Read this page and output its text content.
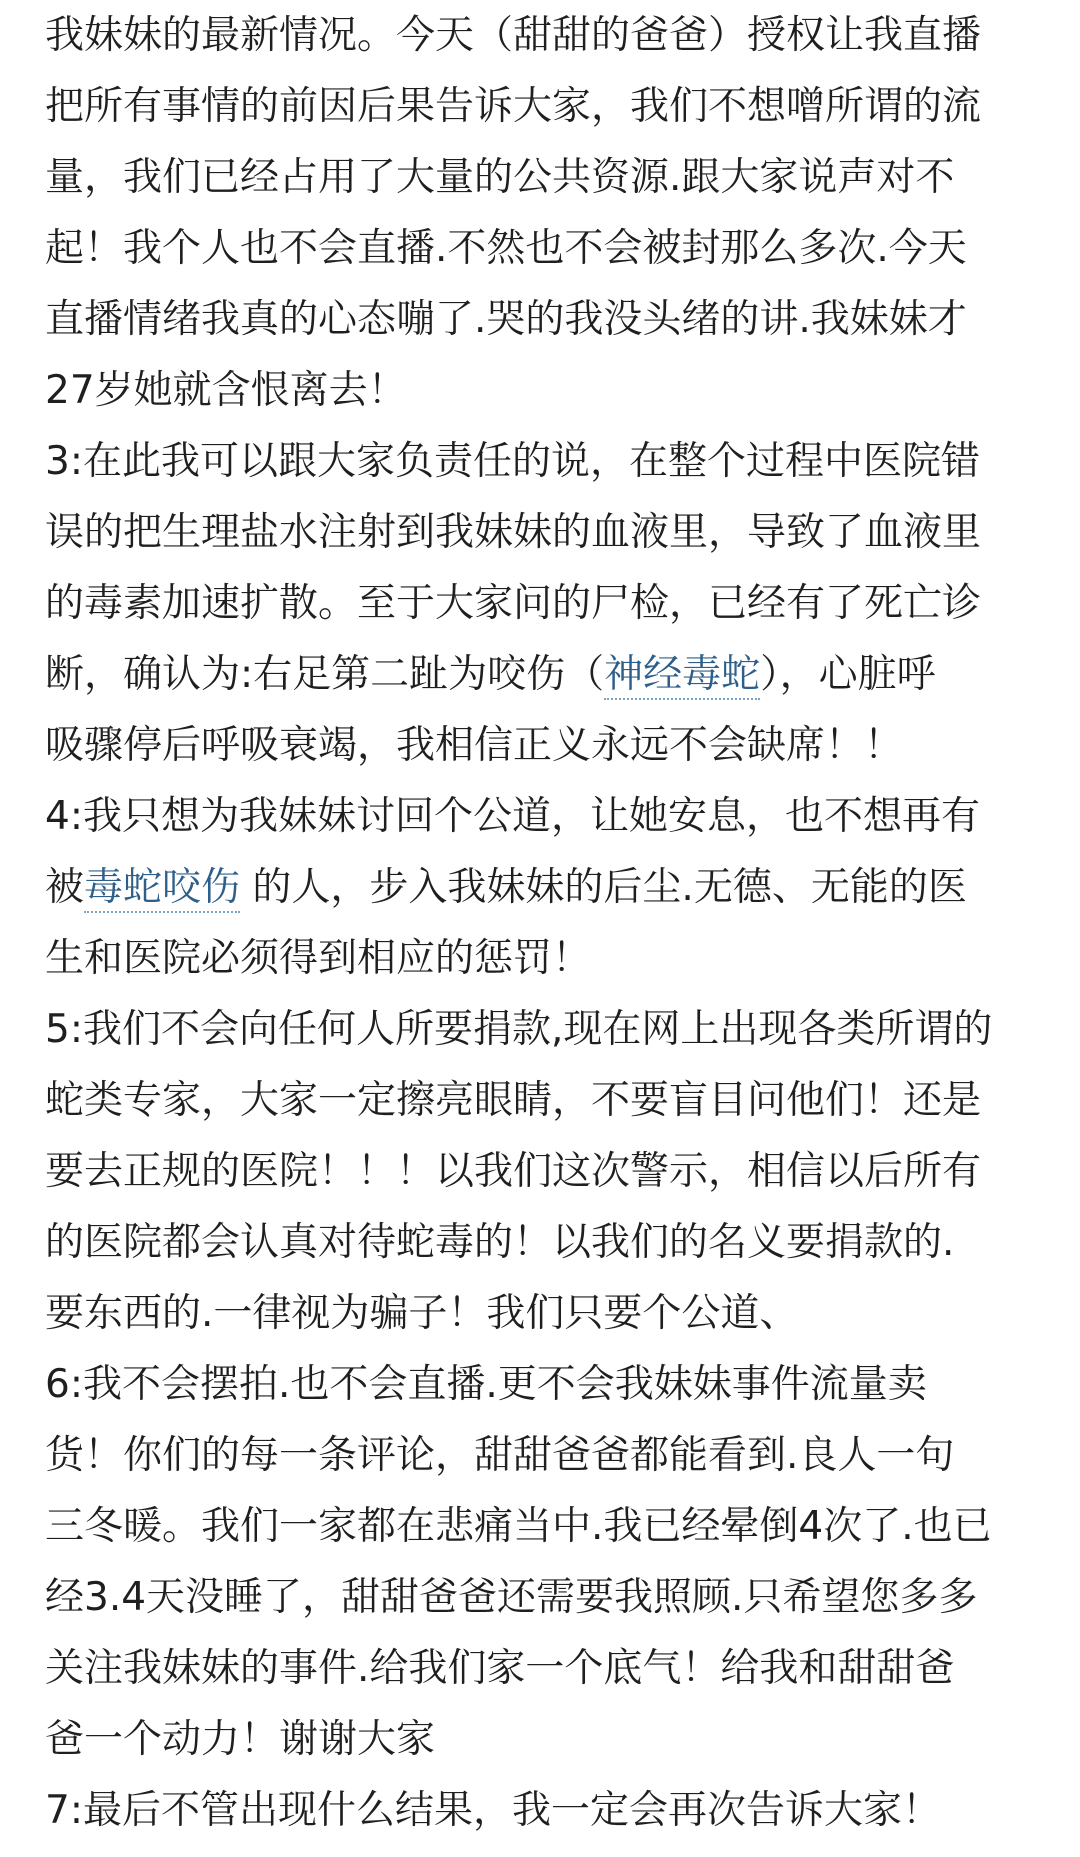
我妹妹的最新情况。今天（甜甜的爸爸）授权让我直播
把所有事情的前因后果告诉大家，我们不想噌所谓的流
量，我们已经占用了大量的公共资源.跟大家说声对不
起！我个人也不会直播.不然也不会被封那么多次.今天
直播情绪我真的心态嘣了.哭的我没头绪的讲.我妹妹才
27岁她就含恨离去！
3:在此我可以跟大家负责任的说，在整个过程中医院错
误的把生理盐水注射到我妹妹的血液里，导致了血液里
的毒素加速扩散。至于大家问的尸检，已经有了死亡诊
断，确认为:右足第二趾为咬伤（神经毒蛇），心脏呼
吸骤停后呼吸衰竭，我相信正义永远不会缺席！！
4:我只想为我妹妹讨回个公道，让她安息，也不想再有
被毒蛇咬伤 的人，步入我妹妹的后尘.无德、无能的医
生和医院必须得到相应的惩罚！
5:我们不会向任何人所要捐款,现在网上出现各类所谓的
蛇类专家，大家一定擦亮眼睛，不要盲目问他们！还是
要去正规的医院！！！以我们这次警示，相信以后所有
的医院都会认真对待蛇毒的！以我们的名义要捐款的.
要东西的.一律视为骗子！我们只要个公道、
6:我不会摆拍.也不会直播.更不会我妹妹事件流量卖
货！你们的每一条评论，甜甜爸爸都能看到.良人一句
三冬暖。我们一家都在悲痛当中.我已经晕倒4次了.也已
经3.4天没睡了，甜甜爸爸还需要我照顾.只希望您多多
关注我妹妹的事件.给我们家一个底气！给我和甜甜爸
爸一个动力！谢谢大家
7:最后不管出现什么结果，我一定会再次告诉大家！
